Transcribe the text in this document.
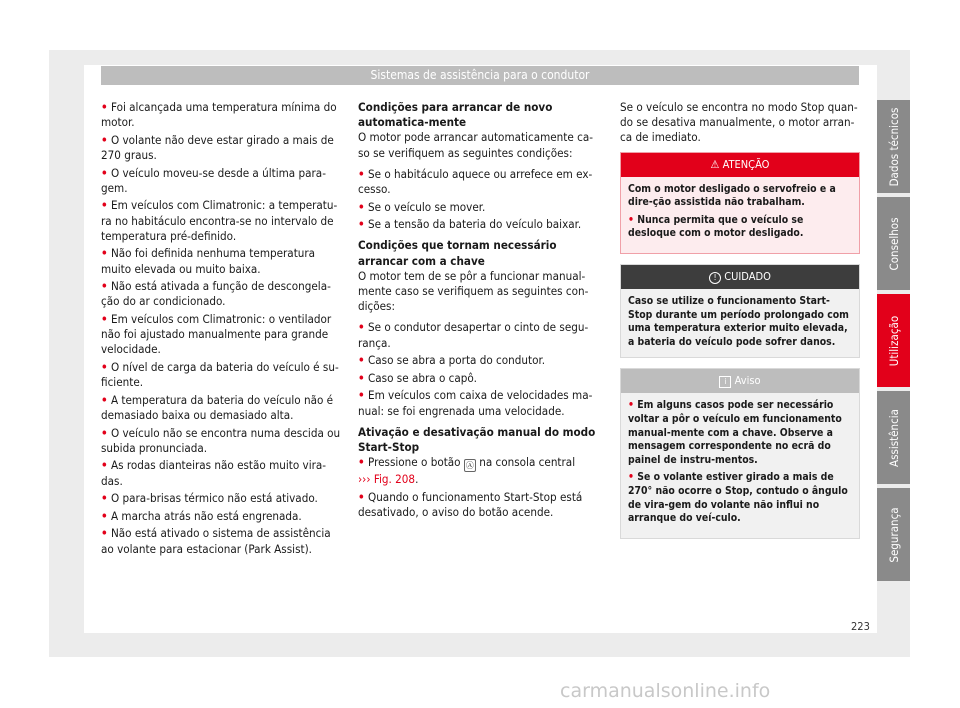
Sistemas de assistência para o condutor
• Foi alcançada uma temperatura mínima do motor.
• O volante não deve estar girado a mais de 270 graus.
• O veículo moveu-se desde a última para-gem.
• Em veículos com Climatronic: a temperatu-ra no habitáculo encontra-se no intervalo de temperatura pré-definido.
• Não foi definida nenhuma temperatura muito elevada ou muito baixa.
• Não está ativada a função de descongela-ção do ar condicionado.
• Em veículos com Climatronic: o ventilador não foi ajustado manualmente para grande velocidade.
• O nível de carga da bateria do veículo é su-ficiente.
• A temperatura da bateria do veículo não é demasiado baixa ou demasiado alta.
• O veículo não se encontra numa descida ou subida pronunciada.
• As rodas dianteiras não estão muito vira-das.
• O para-brisas térmico não está ativado.
• A marcha atrás não está engrenada.
• Não está ativado o sistema de assistência ao volante para estacionar (Park Assist).
Condições para arrancar de novo automatica-mente
O motor pode arrancar automaticamente ca-so se verifiquem as seguintes condições:
• Se o habitáculo aquece ou arrefece em ex-cesso.
• Se o veículo se mover.
• Se a tensão da bateria do veículo baixar.
Condições que tornam necessário arrancar com a chave
O motor tem de se pôr a funcionar manual-mente caso se verifiquem as seguintes con-dições:
• Se o condutor desapertar o cinto de segu-rança.
• Caso se abra a porta do condutor.
• Caso se abra o capô.
• Em veículos com caixa de velocidades ma-nual: se foi engrenada uma velocidade.
Ativação e desativação manual do modo Start-Stop
• Pressione o botão Ⓐ na consola central
››› Fig. 208.
• Quando o funcionamento Start-Stop está desativado, o aviso do botão acende.
Se o veículo se encontra no modo Stop quan-do se desativa manualmente, o motor arran-ca de imediato.
⚠ ATENÇÃO
Com o motor desligado o servofreio e a dire-ção assistida não trabalham.
• Nunca permita que o veículo se desloque com o motor desligado.
! CUIDADO
Caso se utilize o funcionamento Start-Stop durante um período prolongado com uma temperatura exterior muito elevada, a bateria do veículo pode sofrer danos.
i Aviso
• Em alguns casos pode ser necessário voltar a pôr o veículo em funcionamento manual-mente com a chave. Observe a mensagem correspondente no ecrã do painel de instru-mentos.
• Se o volante estiver girado a mais de 270° não ocorre o Stop, contudo o ângulo de vira-gem do volante não influi no arranque do veí-culo.
Dados técnicos
Conselhos
Utilização
Assistência
Segurança
223
carmanualsonline.info
